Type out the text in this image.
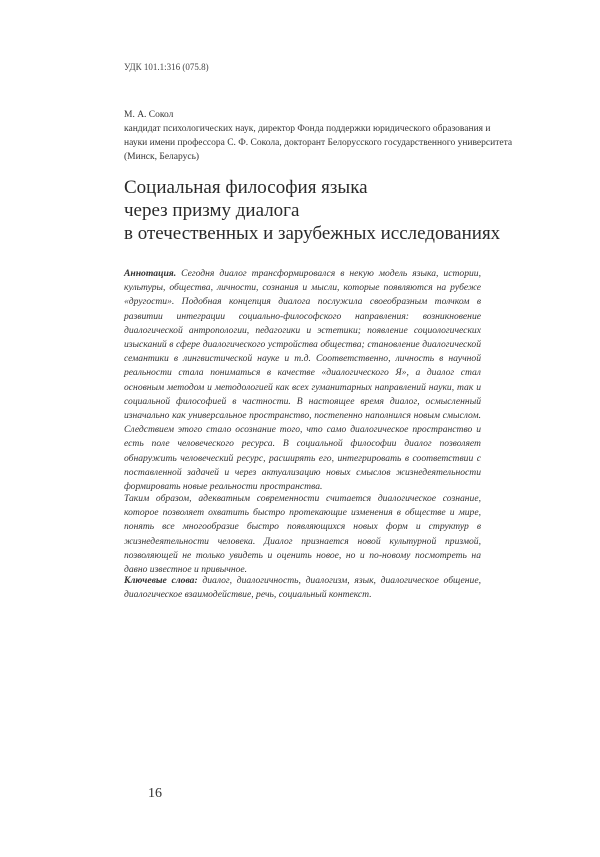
УДК 101.1:316 (075.8)
М. А. Сокол
кандидат психологических наук, директор Фонда поддержки юридического образования и науки имени профессора С. Ф. Сокола, докторант Белорусского государственного университета (Минск, Беларусь)
Социальная философия языка
через призму диалога
в отечественных и зарубежных исследованиях

Аннотация. Сегодня диалог трансформировался в некую модель языка, истории, культуры, общества, личности, сознания и мысли, которые появляются на рубеже «другости». Подобная концепция диалога послужила своеобразным толчком в развитии интеграции социально-философского направления: возникновение диалогической антропологии, педагогики и эстетики; появление социологических изысканий в сфере диалогического устройства общества; становление диалогической семантики в лингвистической науке и т.д. Соответственно, личность в научной реальности стала пониматься в качестве «диалогического Я», а диалог стал основным методом и методологией как всех гуманитарных направлений науки, так и социальной философией в частности. В настоящее время диалог, осмысленный изначально как универсальное пространство, постепенно наполнился новым смыслом. Следствием этого стало осознание того, что само диалогическое пространство и есть поле человеческого ресурса. В социальной философии диалог позволяет обнаружить человеческий ресурс, расширять его, интегрировать в соответствии с поставленной задачей и через актуализацию новых смыслов жизнедеятельности формировать новые реальности пространства.

Таким образом, адекватным современности считается диалогическое сознание, которое позволяет охватить быстро протекающие изменения в обществе и мире, понять все многообразие быстро появляющихся новых форм и структур в жизнедеятельности человека. Диалог признается новой культурной призмой, позволяющей не только увидеть и оценить новое, но и по-новому посмотреть на давно известное и привычное.

Ключевые слова: диалог, диалогичность, диалогизм, язык, диалогическое общение, диалогическое взаимодействие, речь, социальный контекст.

16
